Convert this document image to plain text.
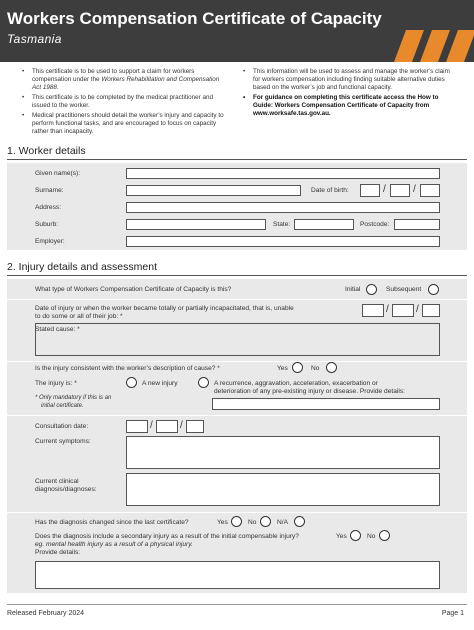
Workers Compensation Certificate of Capacity
Tasmania
• This certificate is to be used to support a claim for workers compensation under the Workers Rehabilitation and Compensation Act 1988.
• This certificate is to be completed by the medical practitioner and issued to the worker.
• Medical practitioners should detail the worker’s injury and capacity to perform functional tasks, and are encouraged to focus on capacity rather than incapacity.
• This information will be used to assess and manage the worker’s claim for workers compensation including finding suitable alternative duties based on the worker’s job and functional capacity.
• For guidance on completing this certificate access the How to Guide: Workers Compensation Certificate of Capacity from www.worksafe.tas.gov.au.
1. Worker details
Given name(s):
Surname:	Date of birth:	/	/
Address:
Suburb:	State:	Postcode:
Employer:
2. Injury details and assessment
What type of Workers Compensation Certificate of Capacity is this?	Initial	Subsequent
Date of injury or when the worker became totally or partially incapacitated, that is, unable
to do some or all of their job: *
/	/
Stated cause: *
Is the injury consistent with the worker’s description of cause? *	Yes	No
The injury is: *	A new injury	A recurrence, aggravation, acceleration, exacerbation or
deterioration of any pre-existing injury or disease. Provide details:
* Only mandatory if this is an
initial certificate.
Consultation date:	/	/
Current symptoms:
Current clinical
diagnosis/diagnoses:
Has the diagnosis changed since the last certificate?	Yes	No	N/A
Does the diagnosis include a secondary injury as a result of the initial compensable injury?	Yes	No
eg. mental health injury as a result of a physical injury.
Provide details:
Released February 2024	Page 1
